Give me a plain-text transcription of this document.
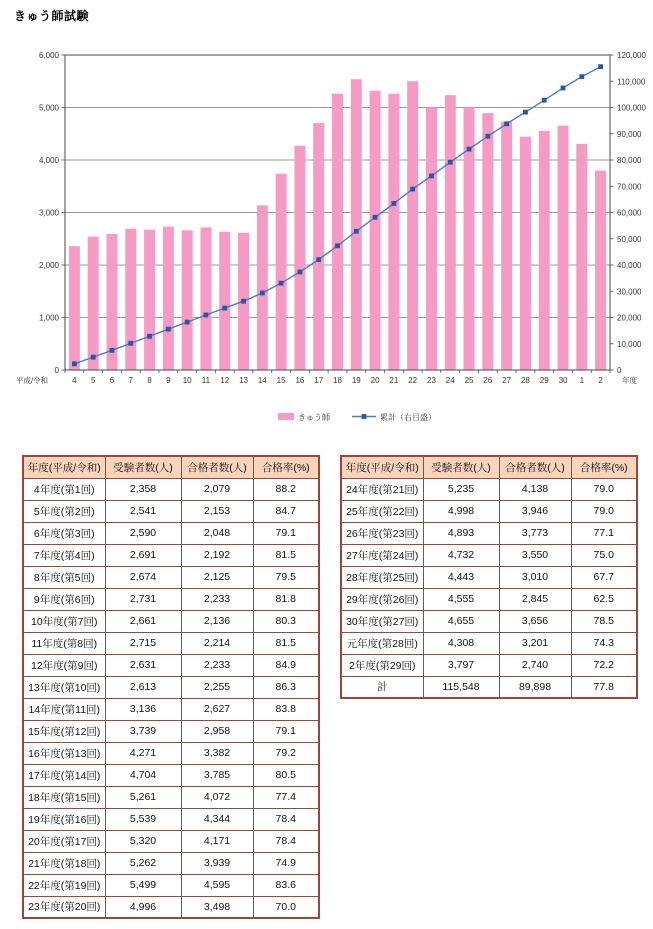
きゅう師試験
0
1,000
2,000
3,000
4,000
5,000
6,000
0
10,000
20,000
30,000
40,000
50,000
60,000
70,000
80,000
90,000
100,000
110,000
120,000
4 5 6 7 8 9 10 11 12 13 14 15 16 17 18 19 20 21 22 23 24 25 26 27 28 29 30 1 2
平成/令和	年度
きゅう師	累計（右目盛）
年度(平成/令和)	受験者数(人)	合格者数(人)	合格率(%)
4年度(第1回)	2,358	2,079	88.2
5年度(第2回)	2,541	2,153	84.7
6年度(第3回)	2,590	2,048	79.1
7年度(第4回)	2,691	2,192	81.5
8年度(第5回)	2,674	2,125	79.5
9年度(第6回)	2,731	2,233	81.8
10年度(第7回)	2,661	2,136	80.3
11年度(第8回)	2,715	2,214	81.5
12年度(第9回)	2,631	2,233	84.9
13年度(第10回)	2,613	2,255	86.3
14年度(第11回)	3,136	2,627	83.8
15年度(第12回)	3,739	2,958	79.1
16年度(第13回)	4,271	3,382	79.2
17年度(第14回)	4,704	3,785	80.5
18年度(第15回)	5,261	4,072	77.4
19年度(第16回)	5,539	4,344	78.4
20年度(第17回)	5,320	4,171	78.4
21年度(第18回)	5,262	3,939	74.9
22年度(第19回)	5,499	4,595	83.6
23年度(第20回)	4,996	3,498	70.0
年度(平成/令和)	受験者数(人)	合格者数(人)	合格率(%)
24年度(第21回)	5,235	4,138	79.0
25年度(第22回)	4,998	3,946	79.0
26年度(第23回)	4,893	3,773	77.1
27年度(第24回)	4,732	3,550	75.0
28年度(第25回)	4,443	3,010	67.7
29年度(第26回)	4,555	2,845	62.5
30年度(第27回)	4,655	3,656	78.5
元年度(第28回)	4,308	3,201	74.3
2年度(第29回)	3,797	2,740	72.2
計	115,548	89,898	77.8
